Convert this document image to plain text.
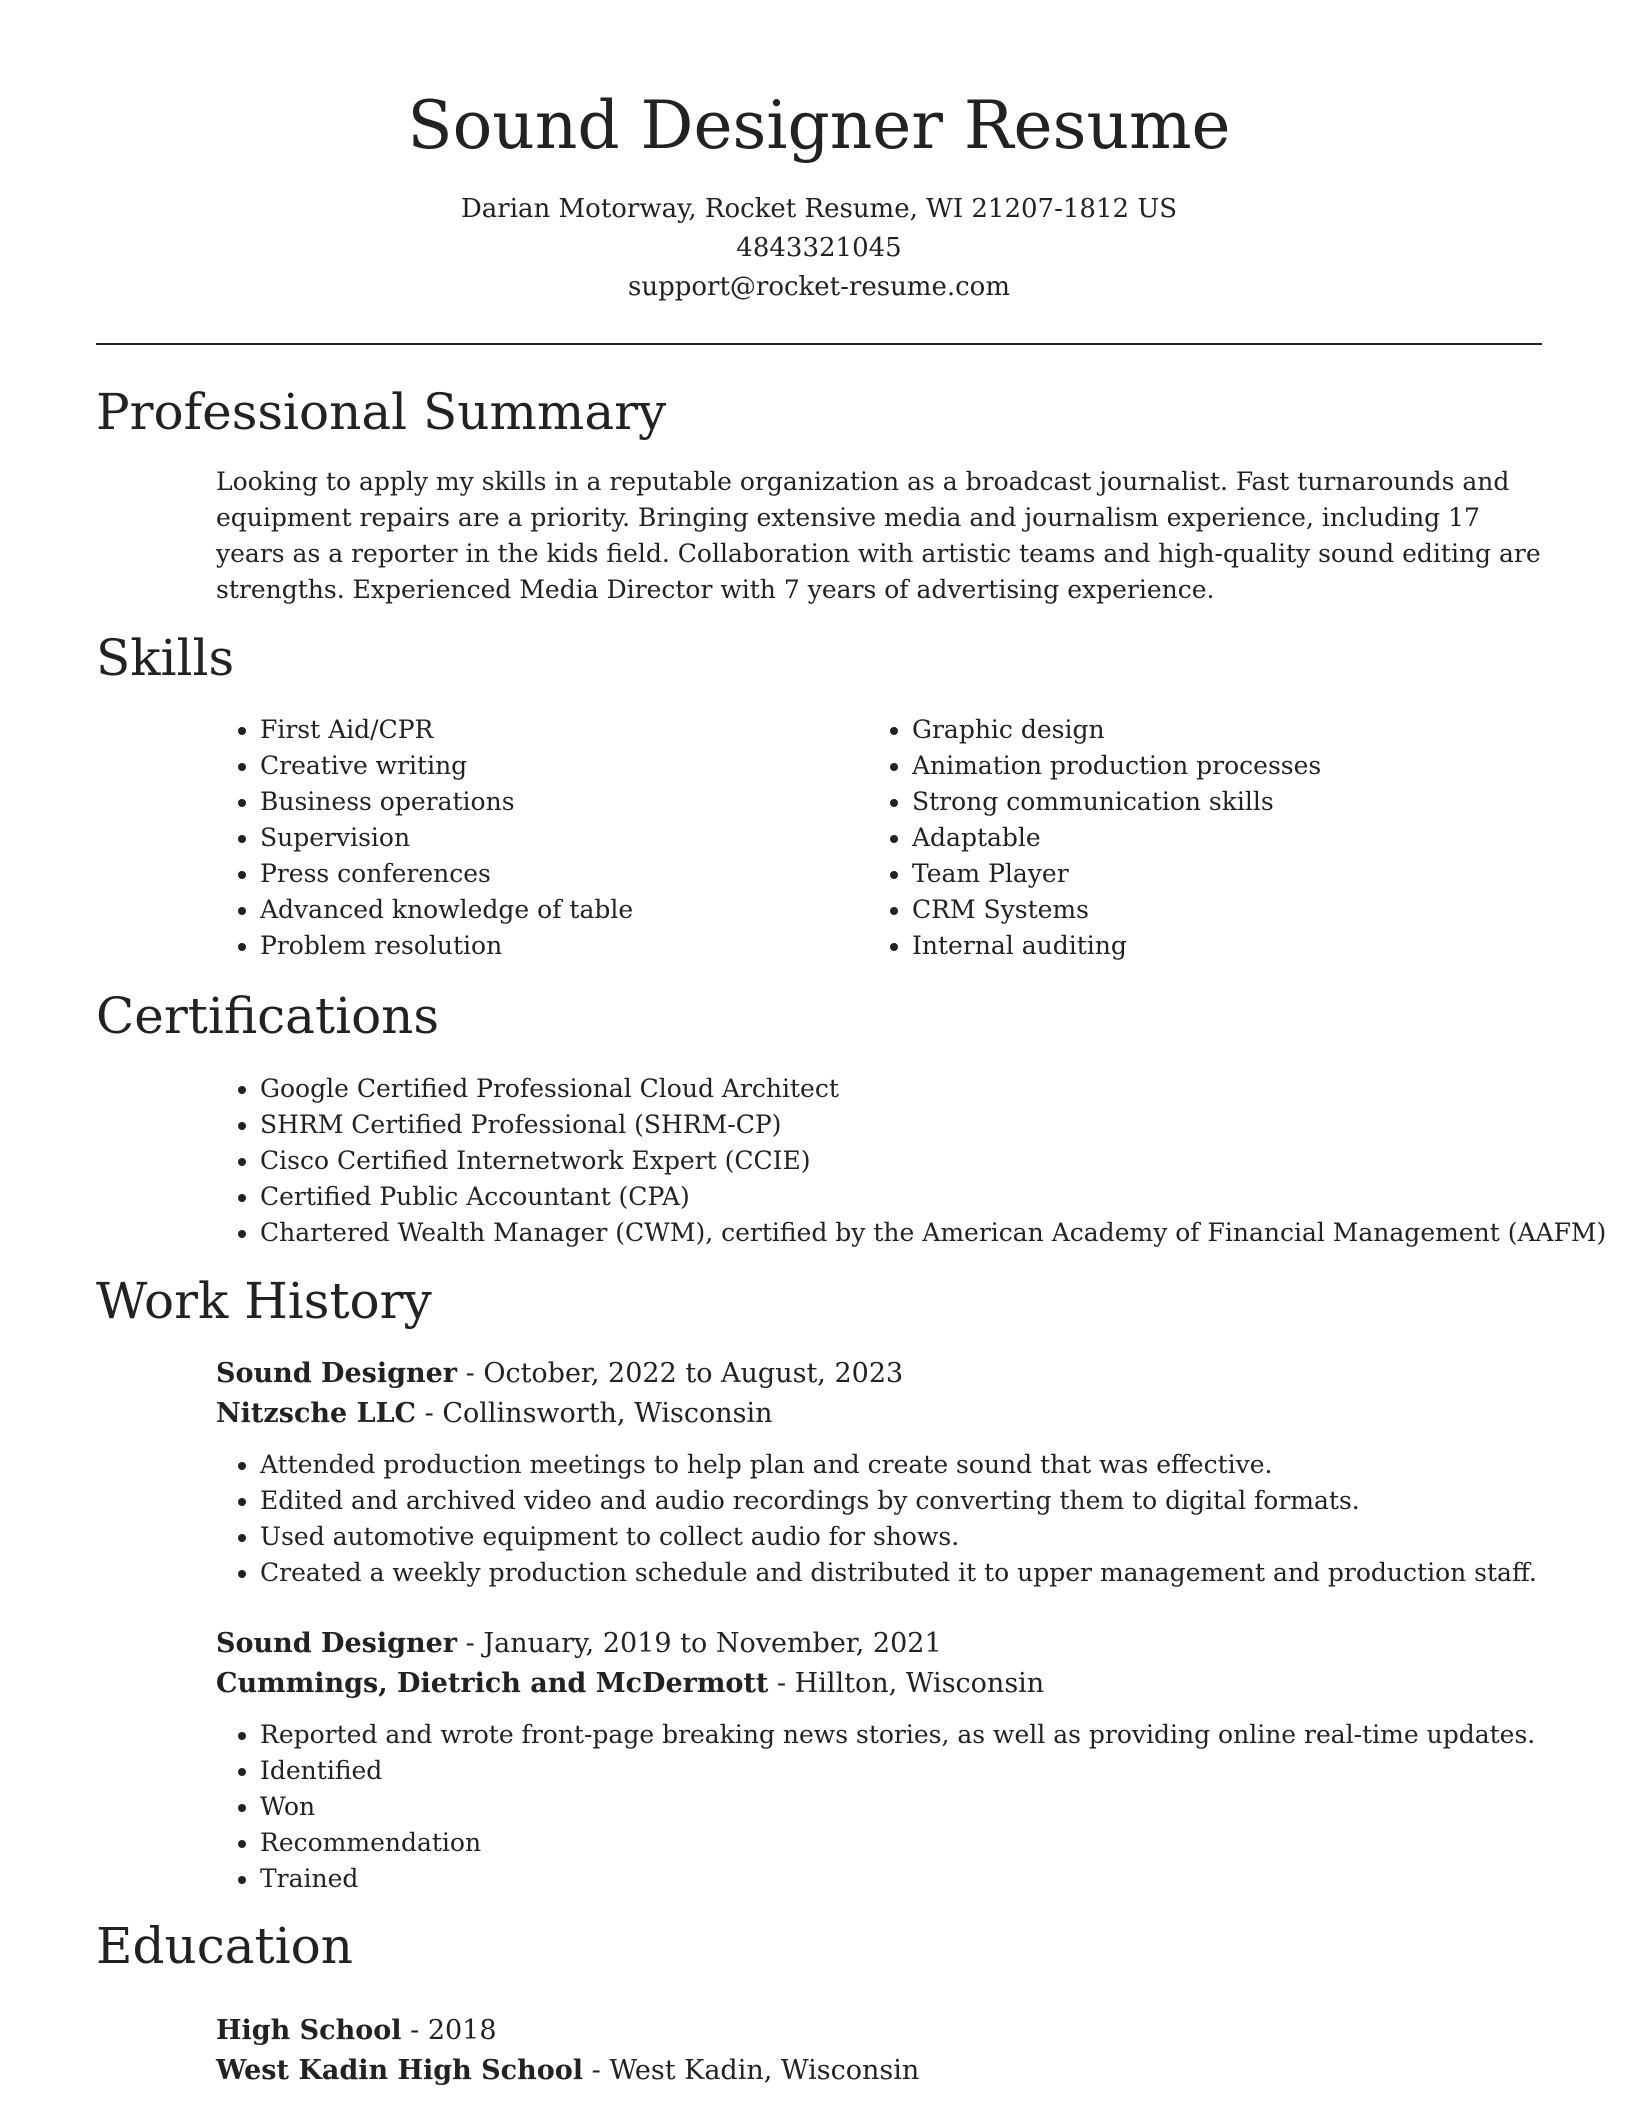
Sound Designer Resume
Darian Motorway, Rocket Resume, WI 21207-1812 US
4843321045
support@rocket-resume.com
Professional Summary

Looking to apply my skills in a reputable organization as a broadcast journalist. Fast turnarounds and equipment repairs are a priority. Bringing extensive media and journalism experience, including 17 years as a reporter in the kids field. Collaboration with artistic teams and high-quality sound editing are strengths. Experienced Media Director with 7 years of advertising experience.

Skills
• First Aid/CPR
• Creative writing
• Business operations
• Supervision
• Press conferences
• Advanced knowledge of table
• Problem resolution
• Graphic design
• Animation production processes
• Strong communication skills
• Adaptable
• Team Player
• CRM Systems
• Internal auditing
Certifications
• Google Certified Professional Cloud Architect
• SHRM Certified Professional (SHRM-CP)
• Cisco Certified Internetwork Expert (CCIE)
• Certified Public Accountant (CPA)
• Chartered Wealth Manager (CWM), certified by the American Academy of Financial Management (AAFM)
Work History
Sound Designer - October, 2022 to August, 2023
Nitzsche LLC - Collinsworth, Wisconsin
• Attended production meetings to help plan and create sound that was effective.
• Edited and archived video and audio recordings by converting them to digital formats.
• Used automotive equipment to collect audio for shows.
• Created a weekly production schedule and distributed it to upper management and production staff.
Sound Designer - January, 2019 to November, 2021
Cummings, Dietrich and McDermott - Hillton, Wisconsin
• Reported and wrote front-page breaking news stories, as well as providing online real-time updates.
• Identified
• Won
• Recommendation
• Trained
Education
High School - 2018
West Kadin High School - West Kadin, Wisconsin
